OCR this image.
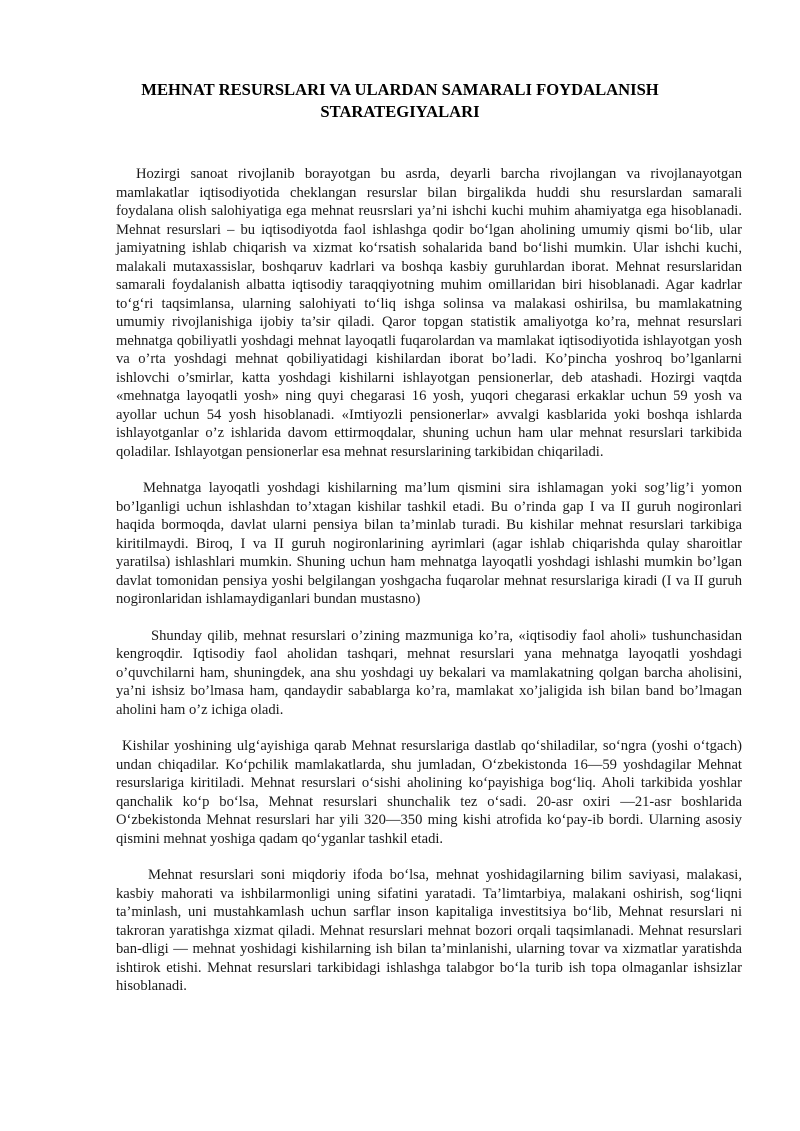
MEHNAT RESURSLARI VA ULARDAN SAMARALI FOYDALANISH STARATEGIYALARI

Hozirgi sanoat rivojlanib borayotgan bu asrda, deyarli barcha rivojlangan va rivojlanayotgan mamlakatlar iqtisodiyotida cheklangan resurslar bilan birgalikda huddi shu resurslardan samarali foydalana olish salohiyatiga ega mehnat reusrslari ya’ni ishchi kuchi muhim ahamiyatga ega hisoblanadi. Mehnat resurslari – bu iqtisodiyotda faol ishlashga qodir bo‘lgan aholining umumiy qismi bo‘lib, ular jamiyatning ishlab chiqarish va xizmat ko‘rsatish sohalarida band bo‘lishi mumkin. Ular ishchi kuchi, malakali mutaxassislar, boshqaruv kadrlari va boshqa kasbiy guruhlardan iborat. Mehnat resurslaridan samarali foydalanish albatta iqtisodiy taraqqiyotning muhim omillaridan biri hisoblanadi. Agar kadrlar to‘g‘ri taqsimlansa, ularning salohiyati to‘liq ishga solinsa va malakasi oshirilsa, bu mamlakatning umumiy rivojlanishiga ijobiy ta’sir qiladi. Qaror topgan statistik amaliyotga ko’ra, mehnat resurslari mehnatga qobiliyatli yoshdagi mehnat layoqatli fuqarolardan va mamlakat iqtisodiyotida ishlayotgan yosh va o’rta yoshdagi mehnat qobiliyatidagi kishilardan iborat bo’ladi. Ko’pincha yoshroq bo’lganlarni ishlovchi o’smirlar, katta yoshdagi kishilarni ishlayotgan pensionerlar, deb atashadi. Hozirgi vaqtda «mehnatga layoqatli yosh» ning quyi chegarasi 16 yosh, yuqori chegarasi erkaklar uchun 59 yosh va ayollar uchun 54 yosh hisoblanadi. «Imtiyozli pensionerlar» avvalgi kasblarida yoki boshqa ishlarda ishlayotganlar o’z ishlarida davom ettirmoqdalar, shuning uchun ham ular mehnat resurslari tarkibida qoladilar. Ishlayotgan pensionerlar esa mehnat resurslarining tarkibidan chiqariladi.

Mehnatga layoqatli yoshdagi kishilarning ma’lum qismini sira ishlamagan yoki sog’lig’i yomon bo’lganligi uchun ishlashdan to’xtagan kishilar tashkil etadi. Bu o’rinda gap I va II guruh nogironlari haqida bormoqda, davlat ularni pensiya bilan ta’minlab turadi. Bu kishilar mehnat resurslari tarkibiga kiritilmaydi. Biroq, I va II guruh nogironlarining ayrimlari (agar ishlab chiqarishda qulay sharoitlar yaratilsa) ishlashlari mumkin. Shuning uchun ham mehnatga layoqatli yoshdagi ishlashi mumkin bo’lgan davlat tomonidan pensiya yoshi belgilangan yoshgacha fuqarolar mehnat resurslariga kiradi (I va II guruh nogironlaridan ishlamaydiganlari bundan mustasno)

Shunday qilib, mehnat resurslari o’zining mazmuniga ko’ra, «iqtisodiy faol aholi» tushunchasidan kengroqdir. Iqtisodiy faol aholidan tashqari, mehnat resurslari yana mehnatga layoqatli yoshdagi o’quvchilarni ham, shuningdek, ana shu yoshdagi uy bekalari va mamlakatning qolgan barcha aholisini, ya’ni ishsiz bo’lmasa ham, qandaydir sabablarga ko’ra, mamlakat xo’jaligida ish bilan band bo’lmagan aholini ham o’z ichiga oladi.

Kishilar yoshining ulg‘ayishiga qarab Mehnat resurslariga dastlab qo‘shiladilar, so‘ngra (yoshi o‘tgach) undan chiqadilar. Ko‘pchilik mamlakatlarda, shu jumladan, O‘zbekistonda 16—59 yoshdagilar Mehnat resurslariga kiritiladi. Mehnat resurslari o‘sishi aholining ko‘payishiga bog‘liq. Aholi tarkibida yoshlar qanchalik ko‘p bo‘lsa, Mehnat resurslari shunchalik tez o‘sadi. 20-asr oxiri —21-asr boshlarida O‘zbekistonda Mehnat resurslari har yili 320—350 ming kishi atrofida ko‘pay-ib bordi. Ularning asosiy qismini mehnat yoshiga qadam qo‘yganlar tashkil etadi.

Mehnat resurslari soni miqdoriy ifoda bo‘lsa, mehnat yoshidagilarning bilim saviyasi, malakasi, kasbiy mahorati va ishbilarmonligi uning sifatini yaratadi. Ta’limtarbiya, malakani oshirish, sog‘liqni ta’minlash, uni mustahkamlash uchun sarflar inson kapitaliga investitsiya bo‘lib, Mehnat resurslari ni takroran yaratishga xizmat qiladi. Mehnat resurslari mehnat bozori orqali taqsimlanadi. Mehnat resurslari ban-dligi — mehnat yoshidagi kishilarning ish bilan ta’minlanishi, ularning tovar va xizmatlar yaratishda ishtirok etishi. Mehnat resurslari tarkibidagi ishlashga talabgor bo‘la turib ish topa olmaganlar ishsizlar hisoblanadi.
